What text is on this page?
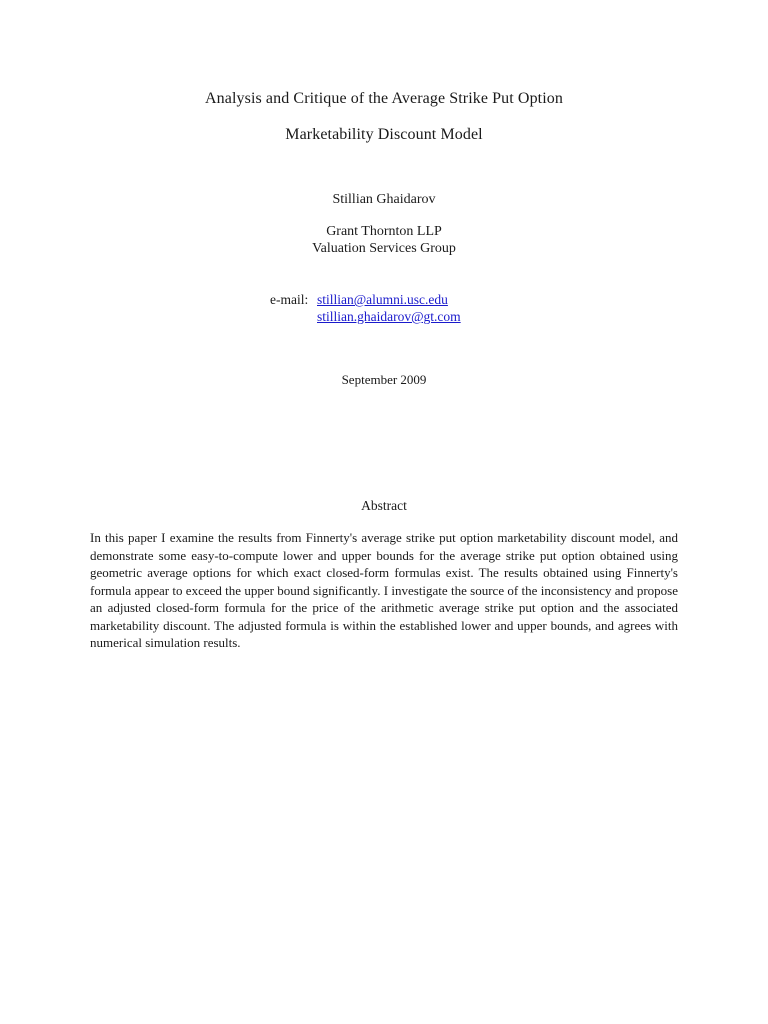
Analysis and Critique of the Average Strike Put Option
Marketability Discount Model
Stillian Ghaidarov
Grant Thornton LLP
Valuation Services Group
e-mail: stillian@alumni.usc.edu
stillian.ghaidarov@gt.com
September 2009
Abstract
In this paper I examine the results from Finnerty's average strike put option marketability discount model, and demonstrate some easy-to-compute lower and upper bounds for the average strike put option obtained using geometric average options for which exact closed-form formulas exist. The results obtained using Finnerty's formula appear to exceed the upper bound significantly. I investigate the source of the inconsistency and propose an adjusted closed-form formula for the price of the arithmetic average strike put option and the associated marketability discount. The adjusted formula is within the established lower and upper bounds, and agrees with numerical simulation results.
